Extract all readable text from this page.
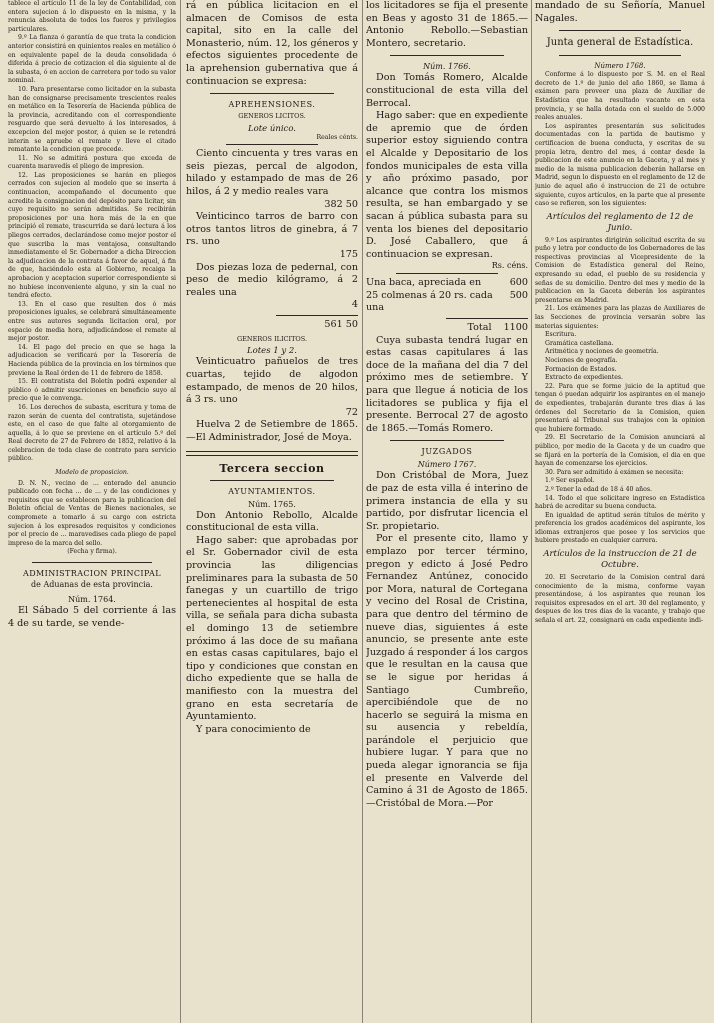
tablece el artículo 11 de la ley de Contabilidad, con entera sujecion á lo dispuesto en la misma, y la renuncia absoluta de todos los fueros y privilegios particulares.

9.º La fianza ó garantía de que trata la condicion anterior consistirá en quinientos reales en metálico ó en equivalente papel de la deuda consolidada ó diferida á precio de cotizacion el dia siguiente al de la subasta, ó en accion de carretera por todo su valor nominal.

10. Para presentarse como licitador en la subasta han de consignarse precisamente trescientos reales en metálico en la Tesorería de Hacienda pública de la provincia, acreditando con el correspondiente resguardo que será devuelto á los interesados, á excepcion del mejor postor, á quien se le retendrá interin se apruebe el remate y lleve el citado rematante la condicion que procede.

11. No se admitirá postura que exceda de cuarenta maravedís el pliego de impresion.

12. Las proposiciones se harán en pliegos cerrados con sujecion al modelo que se inserta á continuacion, acompañando el documento que acredite la consignacion del depósito para licitar, sin cuyo requisito no serán admitidas. Se recibirán proposiciones por una hora más de la en que principió el remate, trascurrida se dará lectura á los pliegos cerrados, declarándose como mejor postor el que suscriba la mas ventajosa, consultando inmediatamente el Sr. Gobernador a dicha Direccion la adjudicacion de la contrata á favor de aquel, á fin de que, haciéndolo esta al Gobierno, recaiga la aprobacion y aceptacion superior correspondiente si no hubiese inconveniente alguno, y sin la cual no tendrá efecto.

13. En el caso que resulten dos ó más proposiciones iguales, se celebrará simultáneamente entre sus autores segunda licitacion oral, por espacio de media hora, adjudicándose el remate al mejor postor.

14. El pago del precio en que se haga la adjudicacion se verificará por la Tesorería de Hacienda pública de la provincia en los términos que previene la Real órden de 11 de febrero de 1858.

15. El contratista del Boletín podrá expender al público ó admitir suscriciones en beneficio suyo al precio que le convenga.

16. Los derechos de subasta, escritura y toma de razon serán de cuenta del contratista, sujetándose este, en el caso de que falte al otorgamiento de aquella, á lo que se previene en el artículo 5.º del Real decreto de 27 de Febrero de 1852, relativo á la celebracion de toda clase de contrato para servicio público.

Modelo de proposicion.

D. N. N., vecino de ... enterado del anuncio publicado con fecha ... de ... y de las condiciones y requisitos que se establecen para la publicacion del Boletín oficial de Ventas de Bienes nacionales, se compromete a tomarlo á su cargo con estricta sujecion á los expresados requisitos y condiciones por el precio de ... maravedises cada pliego de papel impreso de la marca del sello.

(Fecha y firma).

ADMINISTRACION PRINCIPAL

de Aduanas de esta provincia.

Núm. 1764.

El Sábado 5 del corriente á las 4 de su tarde, se vende-

rá en pública licitacion en el almacen de Comisos de esta capital, sito en la calle del Monasterio, núm. 12, los géneros y efectos siguientes procedente de la aprehension gubernativa que á continuacion se expresa:

APREHENSIONES.

GENEROS LICITOS.

Lote único.

Reales cénts.

Ciento cincuenta y tres varas en seis piezas, percal de algodon, hilado y estampado de mas de 26 hilos, á 2 y medio reales vara

382 50

Veinticinco tarros de barro con otros tantos litros de ginebra, á 7 rs. uno

175

Dos piezas loza de pedernal, con peso de medio kilógramo, á 2 reales una

4

561 50

GENEROS ILICITOS.

Lotes 1 y 2.

Veinticuatro pañuelos de tres cuartas, tejido de algodon estampado, de menos de 20 hilos, á 3 rs. uno

72

Huelva 2 de Setiembre de 1865.—El Administrador, José de Moya.

Tercera seccion

AYUNTAMIENTOS.

Núm. 1765.

Don Antonio Rebollo, Alcalde constitucional de esta villa.

Hago saber: que aprobadas por el Sr. Gobernador civil de esta provincia las diligencias preliminares para la subasta de 50 fanegas y un cuartillo de trigo pertenecientes al hospital de esta villa, se señala para dicha subasta el domingo 13 de setiembre próximo á las doce de su mañana en estas casas capitulares, bajo el tipo y condiciones que constan en dicho expediente que se halla de manifiesto con la muestra del grano en esta secretaría de Ayuntamiento.

Y para conocimiento de

los licitadores se fija el presente en Beas y agosto 31 de 1865.—Antonio Rebollo.—Sebastian Montero, secretario.

Núm. 1766.

Don Tomás Romero, Alcalde constitucional de esta villa del Berrocal.

Hago saber: que en expediente de apremio que de órden superior estoy siguiendo contra el Alcalde y Depositario de los fondos municipales de esta villa y año próximo pasado, por alcance que contra los mismos resulta, se han embargado y se sacan á pública subasta para su venta los bienes del depositario D. José Caballero, que á continuacion se expresan.

Rs. céns.

Una baca, apreciada en	600
25 colmenas á 20 rs. cada una
500
Total	1100

Cuya subasta tendrá lugar en estas casas capitulares á las doce de la mañana del dia 7 del próximo mes de setiembre. Y para que llegue á noticia de los licitadores se publica y fija el presente. Berrocal 27 de agosto de 1865.—Tomás Romero.

JUZGADOS

Número 1767.

Don Cristóbal de Mora, Juez de paz de esta villa é interino de primera instancia de ella y su partido, por disfrutar licencia el Sr. propietario.

Por el presente cito, llamo y emplazo por tercer término, pregon y edicto á José Pedro Fernandez Antúnez, conocido por Mora, natural de Cortegana y vecino del Rosal de Cristina, para que dentro del término de nueve dias, siguientes á este anuncio, se presente ante este Juzgado á responder á los cargos que le resultan en la causa que se le sigue por heridas á Santiago Cumbreño, apercibiéndole que de no hacerlo se seguirá la misma en su ausencia y rebeldía, parándole el perjuicio que hubiere lugar. Y para que no pueda alegar ignorancia se fija el presente en Valverde del Camino á 31 de Agosto de 1865.—Cristóbal de Mora.—Por

mandado de su Señoría, Manuel Nagales.

Junta general de Estadística.

Número 1768.

Conforme á lo dispuesto por S. M. en el Real decreto de 1.º de junio del año 1860, se llama á exámen para proveer una plaza de Auxiliar de Estadística que ha resultado vacante en esta provincia, y se halla dotada con el sueldo de 5.000 reales anuales.

Los aspirantes presentarán sus solicitudes documentadas con la partida de bautismo y certificacion de buena conducta, y escritas de su propia letra, dentro del mes, á contar desde la publicacion de este anuncio en la Gaceta, y al mes y medio de la misma publicacion deberán hallarse en Madrid, segun lo dispuesto en el reglamento de 12 de junio de aquel año é instruccion de 21 de octubre siguiente, cuyos artículos, en la parte que al presente caso se refieren, son los siguientes:

Artículos del reglamento de 12 de Junio.

9.º Los aspirantes dirigirán solicitud escrita de su puño y letra por conducto de los Gobernadores de las respectivas provincias al Vicepresidente de la Comision de Estadística general del Reino, expresando su edad, el pueblo de su residencia y señas de su domicilio. Dentro del mes y medio de la publicacion en la Gaceta deberán los aspirantes presentarse en Madrid.

21. Los exámenes para las plazas de Auxiliares de las Secciones de provincia versarán sobre las materias siguientes:

Escritura.

Gramática castellana.

Aritmética y nociones de geometría.

Nociones de geografía.

Formacion de Estados.

Extracto de expedientes.

22. Para que se forme juicio de la aptitud que tengan ó puedan adquirir los aspirantes en el manejo de expedientes, trabajarán durante tres dias á las órdenes del Secretario de la Comision, quien presentará al Tribunal sus trabajos con la opinion que hubiere formado.

29. El Secretario de la Comision anunciará al público, por medio de la Gaceta y de un cuadro que se fijará en la portería de la Comision, el dia en que hayan de comenzarse los ejercicios.

30. Para ser admitido á exámen se necesita:

1.º Ser español.

2.º Tener la edad de 18 á 40 años.

14. Todo el que solicitare ingreso en Estadística habrá de acreditar su buena conducta.

En igualdad de aptitud serán títulos de mérito y preferencia los grados académicos del aspirante, los idiomas extranjeros que posee y los servicios que hubiere prestado en cualquier carrera.

Artículos de la instruccion de 21 de Octubre.

20. El Secretario de la Comision central dará conocimiento de la misma, conforme vayan presentándose, á los aspirantes que reunan los requisitos expresados en el art. 30 del reglamento, y despues de los tres dias de la vacante, y trabajo que señala el art. 22, consignará en cada expediente indi-
